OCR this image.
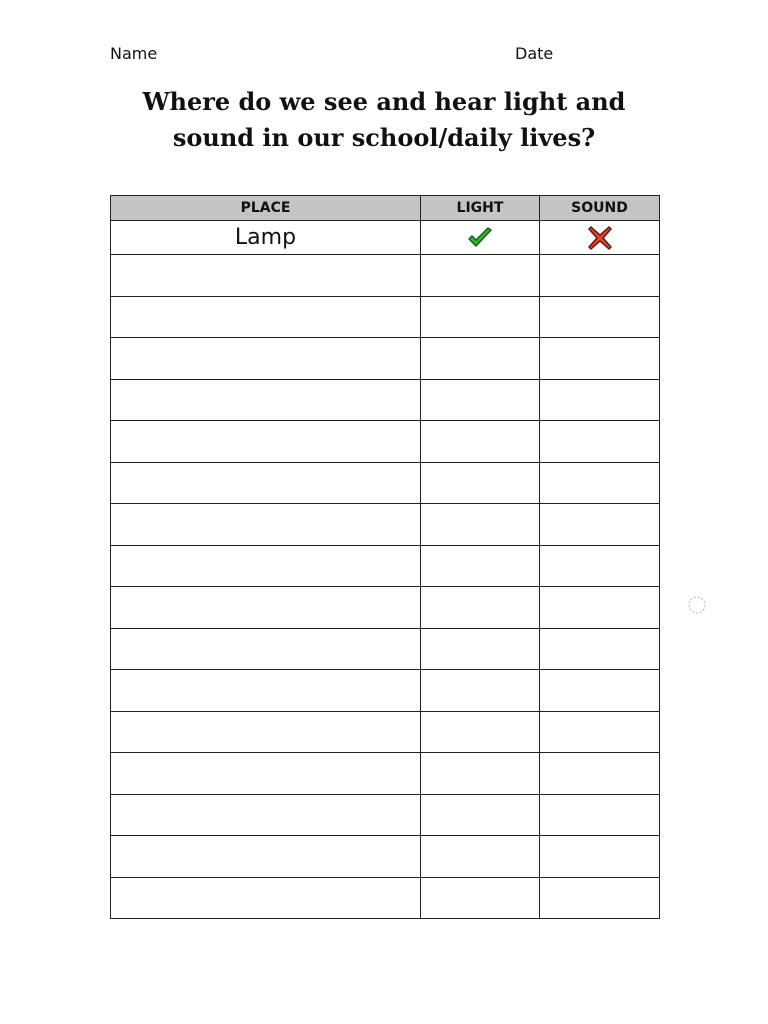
Name	Date
Where do we see and hear light and
sound in our school/daily lives?
PLACE	LIGHT	SOUND
Lamp	
